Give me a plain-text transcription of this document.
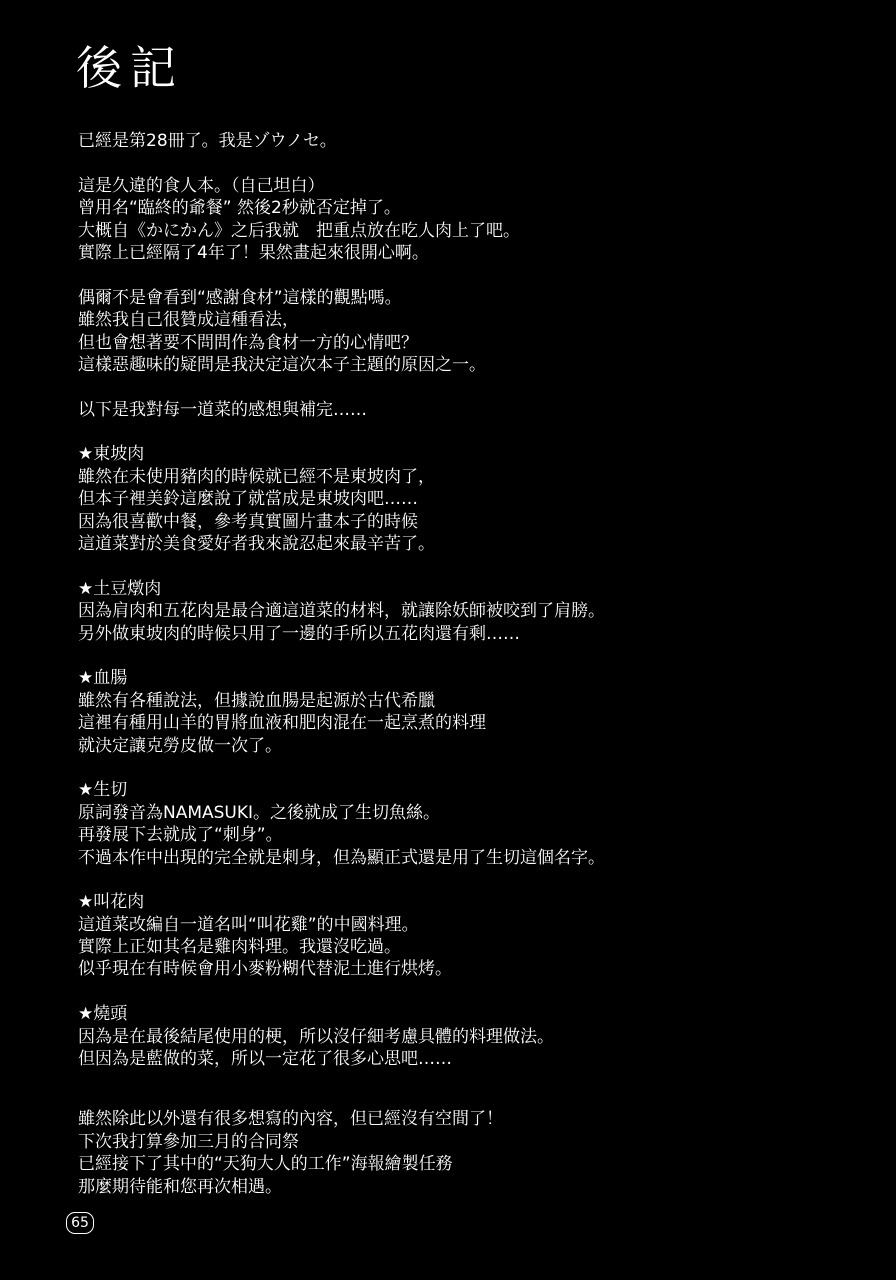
後記
已經是第28冊了。我是ゾウノセ。
這是久違的食人本。（自己坦白）
曾用名“臨終的爺餐” 然後2秒就否定掉了。
大概自《かにかん》之后我就　把重点放在吃人肉上了吧。
實際上已經隔了4年了！果然畫起來很開心啊。
偶爾不是會看到“感謝食材”這樣的觀點嗎。
雖然我自己很贊成這種看法，
但也會想著要不問問作為食材一方的心情吧？
這樣惡趣味的疑問是我決定這次本子主題的原因之一。
以下是我對每一道菜的感想與補完……
★東坡肉
雖然在未使用豬肉的時候就已經不是東坡肉了，
但本子裡美鈴這麼說了就當成是東坡肉吧……
因為很喜歡中餐，參考真實圖片畫本子的時候
這道菜對於美食愛好者我來說忍起來最辛苦了。
★土豆燉肉
因為肩肉和五花肉是最合適這道菜的材料，就讓除妖師被咬到了肩膀。
另外做東坡肉的時候只用了一邊的手所以五花肉還有剩……
★血腸
雖然有各種說法，但據說血腸是起源於古代希臘
這裡有種用山羊的胃將血液和肥肉混在一起烹煮的料理
就決定讓克勞皮做一次了。
★生切
原詞發音為NAMASUKI。之後就成了生切魚絲。
再發展下去就成了“刺身”。
不過本作中出現的完全就是刺身，但為顯正式還是用了生切這個名字。
★叫花肉
這道菜改編自一道名叫“叫花雞”的中國料理。
實際上正如其名是雞肉料理。我還沒吃過。
似乎現在有時候會用小麥粉糊代替泥土進行烘烤。
★燒頭
因為是在最後結尾使用的梗，所以沒仔細考慮具體的料理做法。
但因為是藍做的菜，所以一定花了很多心思吧……
雖然除此以外還有很多想寫的內容，但已經沒有空間了！
下次我打算參加三月的合同祭
已經接下了其中的“天狗大人的工作”海報繪製任務
那麼期待能和您再次相遇。
65
